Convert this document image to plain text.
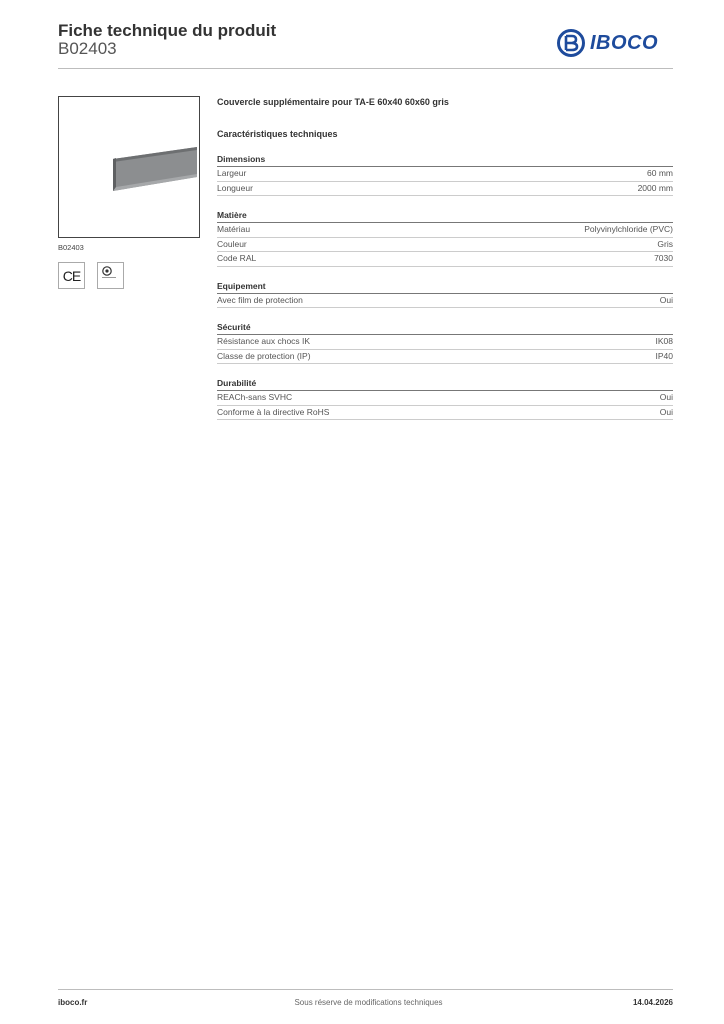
Fiche technique du produit
B02403	IBOCO
B02403
CE
Couvercle supplémentaire pour TA-E 60x40 60x60 gris
Caractéristiques techniques
Dimensions
Largeur	60 mm
Longueur	2000 mm
Matière
Matériau	Polyvinylchloride (PVC)
Couleur	Gris
Code RAL	7030
Equipement
Avec film de protection	Oui
Sécurité
Résistance aux chocs IK	IK08
Classe de protection (IP)	IP40
Durabilité
REACh-sans SVHC	Oui
Conforme à la directive RoHS	Oui
iboco.fr	Sous réserve de modifications techniques	14.04.2026
